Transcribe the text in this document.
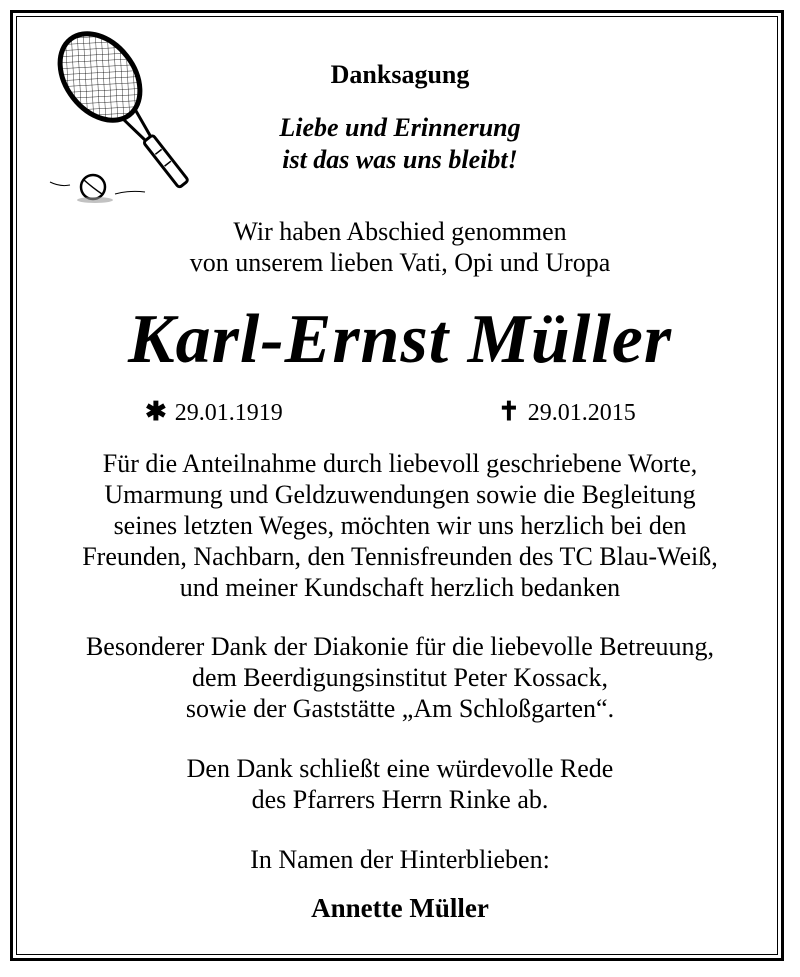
Danksagung
Liebe und Erinnerung
ist das was uns bleibt!
Wir haben Abschied genommen
von unserem lieben Vati, Opi und Uropa
Karl-Ernst Müller
✱ 29.01.1919	✝ 29.01.2015
Für die Anteilnahme durch liebevoll geschriebene Worte,
Umarmung und Geldzuwendungen sowie die Begleitung
seines letzten Weges, möchten wir uns herzlich bei den
Freunden, Nachbarn, den Tennisfreunden des TC Blau-Weiß,
und meiner Kundschaft herzlich bedanken
Besonderer Dank der Diakonie für die liebevolle Betreuung,
dem Beerdigungsinstitut Peter Kossack,
sowie der Gaststätte „Am Schloßgarten“.
Den Dank schließt eine würdevolle Rede
des Pfarrers Herrn Rinke ab.
In Namen der Hinterblieben:
Annette Müller
